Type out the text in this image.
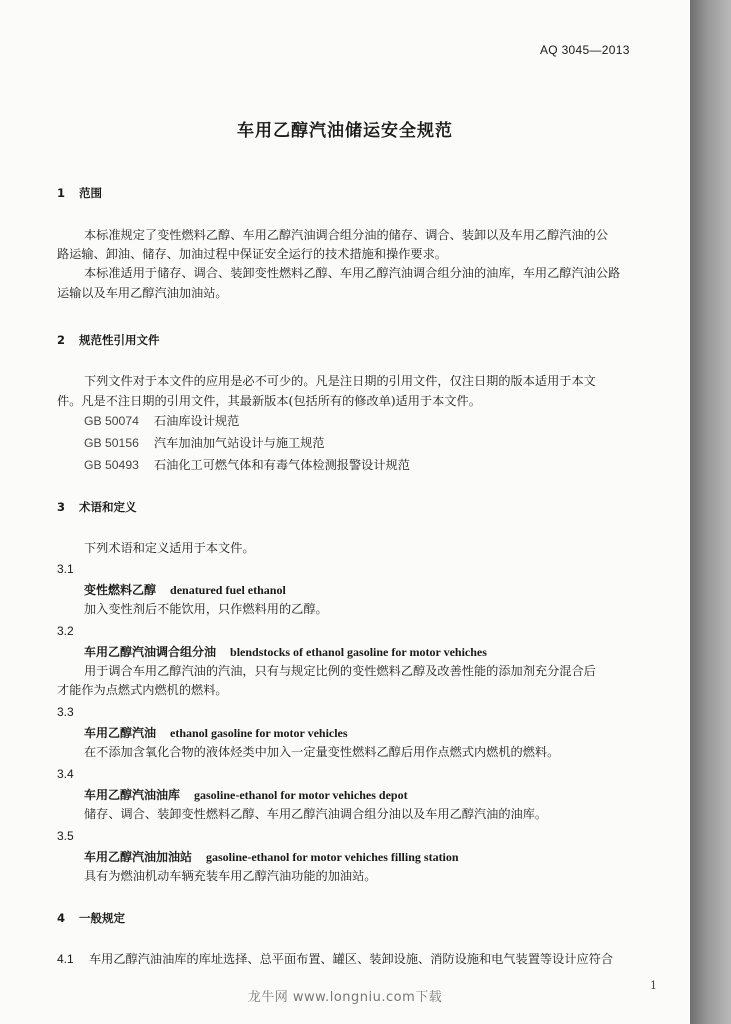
AQ 3045—2013
车用乙醇汽油储运安全规范
1 范围
本标准规定了变性燃料乙醇、车用乙醇汽油调合组分油的储存、调合、装卸以及车用乙醇汽油的公
路运输、卸油、储存、加油过程中保证安全运行的技术措施和操作要求。
本标准适用于储存、调合、装卸变性燃料乙醇、车用乙醇汽油调合组分油的油库，车用乙醇汽油公路
运输以及车用乙醇汽油加油站。
2 规范性引用文件
下列文件对于本文件的应用是必不可少的。凡是注日期的引用文件，仅注日期的版本适用于本文
件。凡是不注日期的引用文件，其最新版本(包括所有的修改单)适用于本文件。
GB 50074 石油库设计规范
GB 50156 汽车加油加气站设计与施工规范
GB 50493 石油化工可燃气体和有毒气体检测报警设计规范
3 术语和定义
下列术语和定义适用于本文件。
3.1
变性燃料乙醇 denatured fuel ethanol
加入变性剂后不能饮用，只作燃料用的乙醇。
3.2
车用乙醇汽油调合组分油 blendstocks of ethanol gasoline for motor vehiches
用于调合车用乙醇汽油的汽油，只有与规定比例的变性燃料乙醇及改善性能的添加剂充分混合后
才能作为点燃式内燃机的燃料。
3.3
车用乙醇汽油 ethanol gasoline for motor vehicles
在不添加含氧化合物的液体烃类中加入一定量变性燃料乙醇后用作点燃式内燃机的燃料。
3.4
车用乙醇汽油油库 gasoline-ethanol for motor vehiches depot
储存、调合、装卸变性燃料乙醇、车用乙醇汽油调合组分油以及车用乙醇汽油的油库。
3.5
车用乙醇汽油加油站 gasoline-ethanol for motor vehiches filling station
具有为燃油机动车辆充装车用乙醇汽油功能的加油站。
4 一般规定
4.1 车用乙醇汽油油库的库址选择、总平面布置、罐区、装卸设施、消防设施和电气装置等设计应符合
1
龙牛网 www.longniu.com下载
